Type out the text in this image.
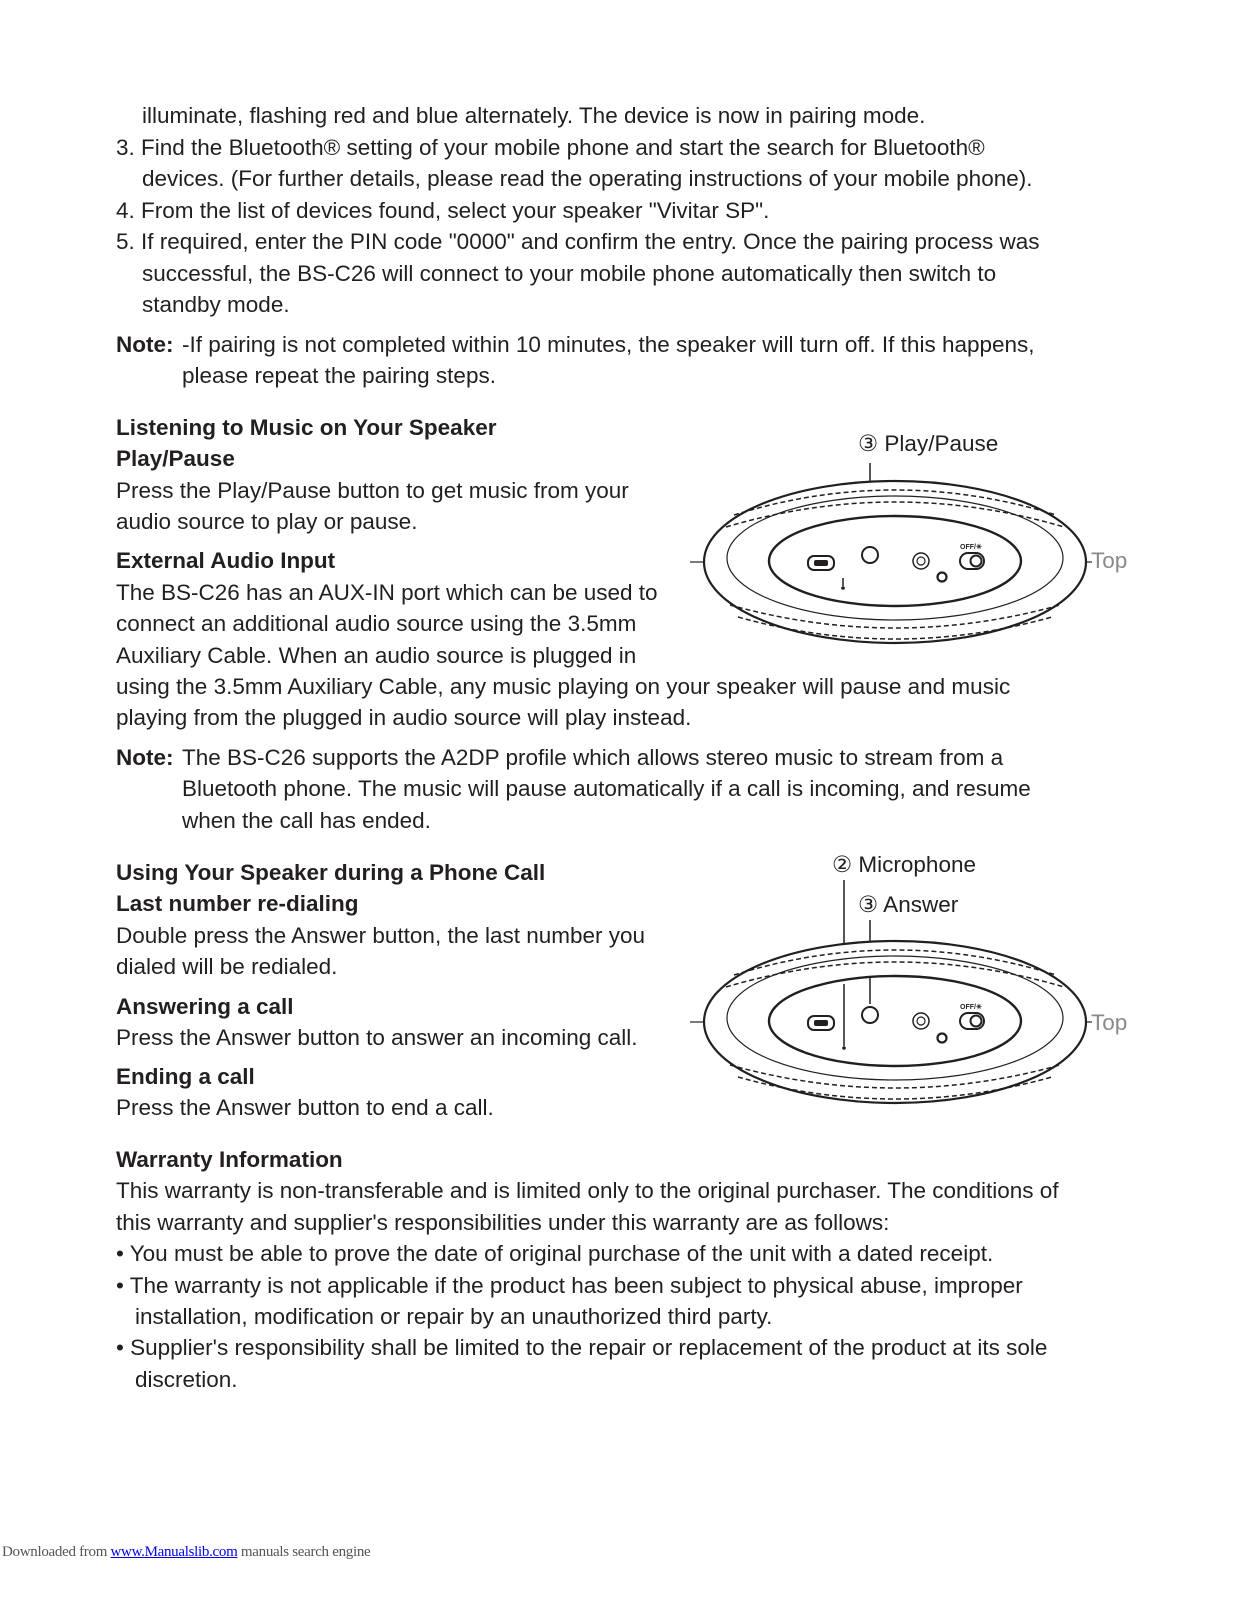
illuminate, flashing red and blue alternately. The device is now in pairing mode.

3. Find the Bluetooth® setting of your mobile phone and start the search for Bluetooth®

devices. (For further details, please read the operating instructions of your mobile phone).

4. From the list of devices found, select your speaker "Vivitar SP".

5. If required, enter the PIN code "0000" and confirm the entry. Once the pairing process was

successful, the BS-C26 will connect to your mobile phone automatically then switch to

standby mode.

Note: -If pairing is not completed within 10 minutes, the speaker will turn off. If this happens,

please repeat the pairing steps.

Listening to Music on Your Speaker

Play/Pause

Press the Play/Pause button to get music from your

audio source to play or pause.

External Audio Input

The BS-C26 has an AUX-IN port which can be used to

connect an additional audio source using the 3.5mm

Auxiliary Cable. When an audio source is plugged in

using the 3.5mm Auxiliary Cable, any music playing on your speaker will pause and music

playing from the plugged in audio source will play instead.

Note: The BS-C26 supports the A2DP profile which allows stereo music to stream from a

Bluetooth phone. The music will pause automatically if a call is incoming, and resume

when the call has ended.

③ Play/Pause
Top
OFF/✳

Using Your Speaker during a Phone Call

Last number re-dialing

Double press the Answer button, the last number you

dialed will be redialed.

Answering a call

Press the Answer button to answer an incoming call.

Ending a call

Press the Answer button to end a call.

② Microphone
③ Answer
Top
OFF/✳

Warranty Information

This warranty is non-transferable and is limited only to the original purchaser. The conditions of

this warranty and supplier's responsibilities under this warranty are as follows:

• You must be able to prove the date of original purchase of the unit with a dated receipt.

• The warranty is not applicable if the product has been subject to physical abuse, improper

installation, modification or repair by an unauthorized third party.

• Supplier's responsibility shall be limited to the repair or replacement of the product at its sole

discretion.

Downloaded from www.Manualslib.com manuals search engine
